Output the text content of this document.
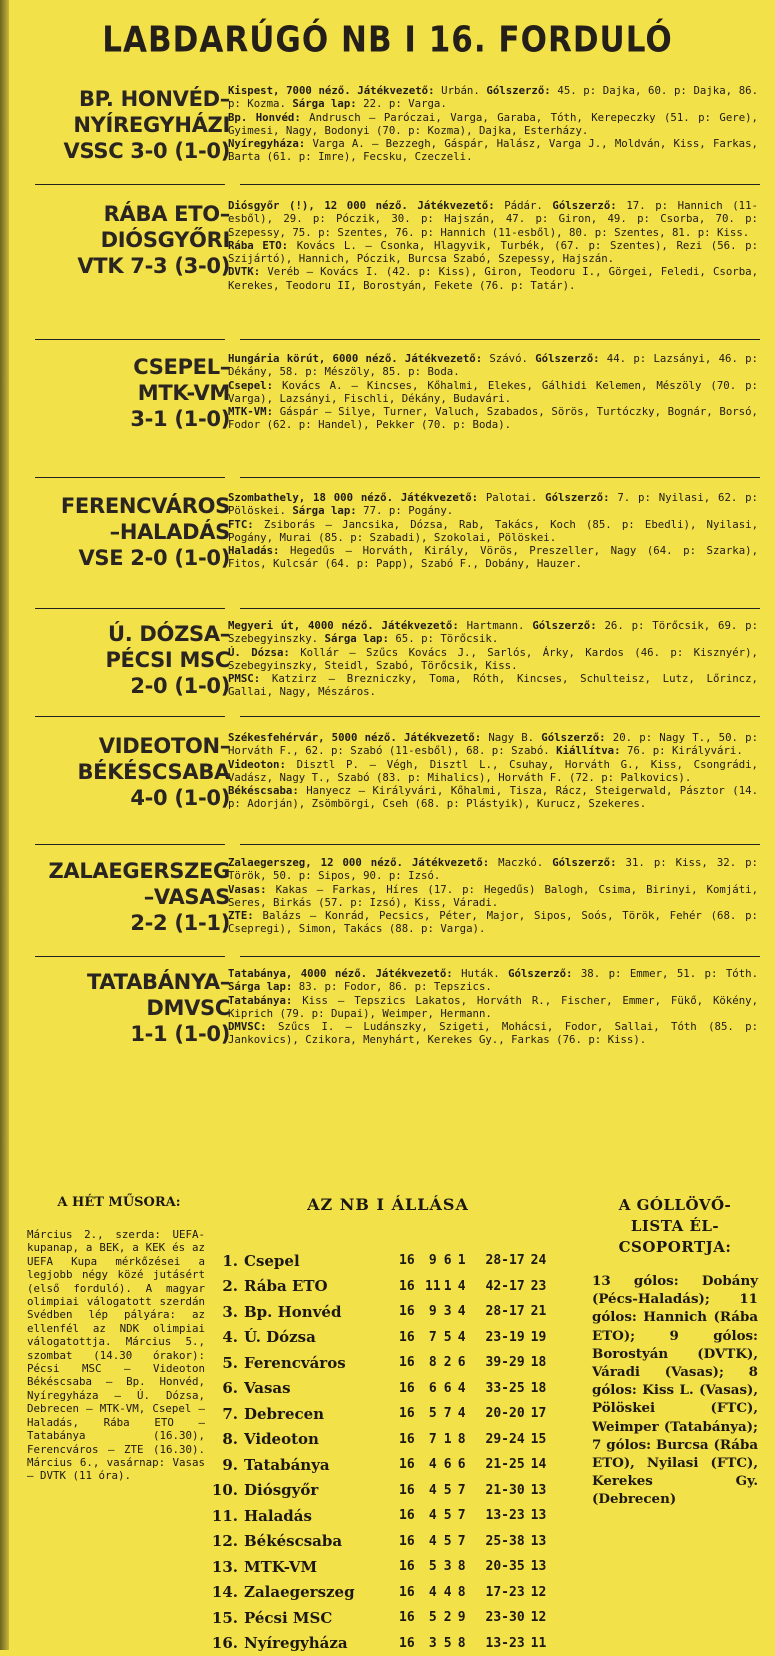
LABDARÚGÓ NB I 16. FORDULÓ
BP. HONVÉD–
NYÍREGYHÁZI
VSSC 3-0 (1-0)

Kispest, 7000 néző. Játékvezető: Urbán. Gólszerző: 45. p: Dajka, 60. p: Dajka, 86. p: Kozma. Sárga lap: 22. p: Varga.

Bp. Honvéd: Andrusch — Paróczai, Varga, Garaba, Tóth, Kerepeczky (51. p: Gere), Gyimesi, Nagy, Bodonyi (70. p: Kozma), Dajka, Esterházy.

Nyíregyháza: Varga A. — Bezzegh, Gáspár, Halász, Varga J., Moldván, Kiss, Farkas, Barta (61. p: Imre), Fecsku, Czeczeli.

RÁBA ETO–
DIÓSGYŐRI
VTK 7-3 (3-0)

Diósgyőr (!), 12 000 néző. Játékvezető: Pádár. Gólszerző: 17. p: Hannich (11-esből), 29. p: Póczik, 30. p: Hajszán, 47. p: Giron, 49. p: Csorba, 70. p: Szepessy, 75. p: Szentes, 76. p: Hannich (11-esből), 80. p: Szentes, 81. p: Kiss.

Rába ETO: Kovács L. — Csonka, Hlagyvik, Turbék, (67. p: Szentes), Rezi (56. p: Szijártó), Hannich, Póczik, Burcsa Szabó, Szepessy, Hajszán.

DVTK: Veréb — Kovács I. (42. p: Kiss), Giron, Teodoru I., Görgei, Feledi, Csorba, Kerekes, Teodoru II, Borostyán, Fekete (76. p: Tatár).

CSEPEL–
MTK-VM
3-1 (1-0)

Hungária körút, 6000 néző. Játékvezető: Szávó. Gólszerző: 44. p: Lazsányi, 46. p: Dékány, 58. p: Mészöly, 85. p: Boda.

Csepel: Kovács A. — Kincses, Kőhalmi, Elekes, Gálhidi Kelemen, Mészöly (70. p: Varga), Lazsányi, Fischli, Dékány, Budavári.

MTK-VM: Gáspár — Silye, Turner, Valuch, Szabados, Sörös, Turtóczky, Bognár, Borsó, Fodor (62. p: Handel), Pekker (70. p: Boda).

FERENCVÁROS
–HALADÁS
VSE 2-0 (1-0)

Szombathely, 18 000 néző. Játékvezető: Palotai. Gólszerző: 7. p: Nyilasi, 62. p: Pölöskei. Sárga lap: 77. p: Pogány.

FTC: Zsiborás — Jancsika, Dózsa, Rab, Takács, Koch (85. p: Ebedli), Nyilasi, Pogány, Murai (85. p: Szabadi), Szokolai, Pölöskei.

Haladás: Hegedűs — Horváth, Király, Vörös, Preszeller, Nagy (64. p: Szarka), Fitos, Kulcsár (64. p: Papp), Szabó F., Dobány, Hauzer.

Ú. DÓZSA–
PÉCSI MSC
2-0 (1-0)

Megyeri út, 4000 néző. Játékvezető: Hartmann. Gólszerző: 26. p: Törőcsik, 69. p: Szebegyinszky. Sárga lap: 65. p: Törőcsik.

Ú. Dózsa: Kollár — Szűcs Kovács J., Sarlós, Árky, Kardos (46. p: Kisznyér), Szebegyinszky, Steidl, Szabó, Törőcsik, Kiss.

PMSC: Katzirz — Brezniczky, Toma, Róth, Kincses, Schulteisz, Lutz, Lőrincz, Gallai, Nagy, Mészáros.

VIDEOTON–
BÉKÉSCSABA
4-0 (1-0)

Székesfehérvár, 5000 néző. Játékvezető: Nagy B. Gólszerző: 20. p: Nagy T., 50. p: Horváth F., 62. p: Szabó (11-esből), 68. p: Szabó. Kiállítva: 76. p: Királyvári.

Videoton: Disztl P. — Végh, Disztl L., Csuhay, Horváth G., Kiss, Csongrádi, Vadász, Nagy T., Szabó (83. p: Mihalics), Horváth F. (72. p: Palkovics).

Békéscsaba: Hanyecz — Királyvári, Kőhalmi, Tisza, Rácz, Steigerwald, Pásztor (14. p: Adorján), Zsömbörgi, Cseh (68. p: Plástyik), Kurucz, Szekeres.

ZALAEGERSZEG
–VASAS
2-2 (1-1)

Zalaegerszeg, 12 000 néző. Játékvezető: Maczkó. Gólszerző: 31. p: Kiss, 32. p: Török, 50. p: Sipos, 90. p: Izsó.

Vasas: Kakas — Farkas, Híres (17. p: Hegedűs) Balogh, Csima, Birinyi, Komjáti, Seres, Birkás (57. p: Izsó), Kiss, Váradi.

ZTE: Balázs — Konrád, Pecsics, Péter, Major, Sipos, Soós, Török, Fehér (68. p: Csepregi), Simon, Takács (88. p: Varga).

TATABÁNYA–
DMVSC
1-1 (1-0)

Tatabánya, 4000 néző. Játékvezető: Huták. Gólszerző: 38. p: Emmer, 51. p: Tóth. Sárga lap: 83. p: Fodor, 86. p: Tepszics.

Tatabánya: Kiss — Tepszics Lakatos, Horváth R., Fischer, Emmer, Fükő, Kökény, Kiprich (79. p: Dupai), Weimper, Hermann.

DMVSC: Szűcs I. — Ludánszky, Szigeti, Mohácsi, Fodor, Sallai, Tóth (85. p: Jankovics), Czikora, Menyhárt, Kerekes Gy., Farkas (76. p: Kiss).

A HÉT MŰSORA:
Március 2., szerda: UEFA-kupanap, a BEK, a KEK és az UEFA Kupa mérkőzései a legjobb négy közé jutásért (első forduló). A magyar olimpiai válogatott szerdán Svédben lép pályára: az ellenfél az NDK olimpiai válogatottja. Március 5., szombat (14.30 órakor): Pécsi MSC — Videoton Békéscsaba — Bp. Honvéd, Nyíregyháza — Ú. Dózsa, Debrecen — MTK-VM, Csepel — Haladás, Rába ETO — Tatabánya (16.30), Ferencváros — ZTE (16.30). Március 6., vasárnap: Vasas — DVTK (11 óra).
AZ NB I ÁLLÁSA
1.	Csepel	16	9	6	1	28-17	24
2.	Rába ETO	16	11	1	4	42-17	23
3.	Bp. Honvéd	16	9	3	4	28-17	21
4.	Ú. Dózsa	16	7	5	4	23-19	19
5.	Ferencváros	16	8	2	6	39-29	18
6.	Vasas	16	6	6	4	33-25	18
7.	Debrecen	16	5	7	4	20-20	17
8.	Videoton	16	7	1	8	29-24	15
9.	Tatabánya	16	4	6	6	21-25	14
10.	Diósgyőr	16	4	5	7	21-30	13
11.	Haladás	16	4	5	7	13-23	13
12.	Békéscsaba	16	4	5	7	25-38	13
13.	MTK-VM	16	5	3	8	20-35	13
14.	Zalaegerszeg	16	4	4	8	17-23	12
15.	Pécsi MSC	16	5	2	9	23-30	12
16.	Nyíregyháza	16	3	5	8	13-23	11
A GÓLLÖVŐ-
LISTA ÉL-
CSOPORTJA:
13 gólos: Dobány (Pécs-Haladás); 11 gólos: Hannich (Rába ETO); 9 gólos: Borostyán (DVTK), Váradi (Vasas); 8 gólos: Kiss L. (Vasas), Pölöskei (FTC), Weimper (Tatabánya); 7 gólos: Burcsa (Rába ETO), Nyilasi (FTC), Kerekes Gy. (Debrecen)
